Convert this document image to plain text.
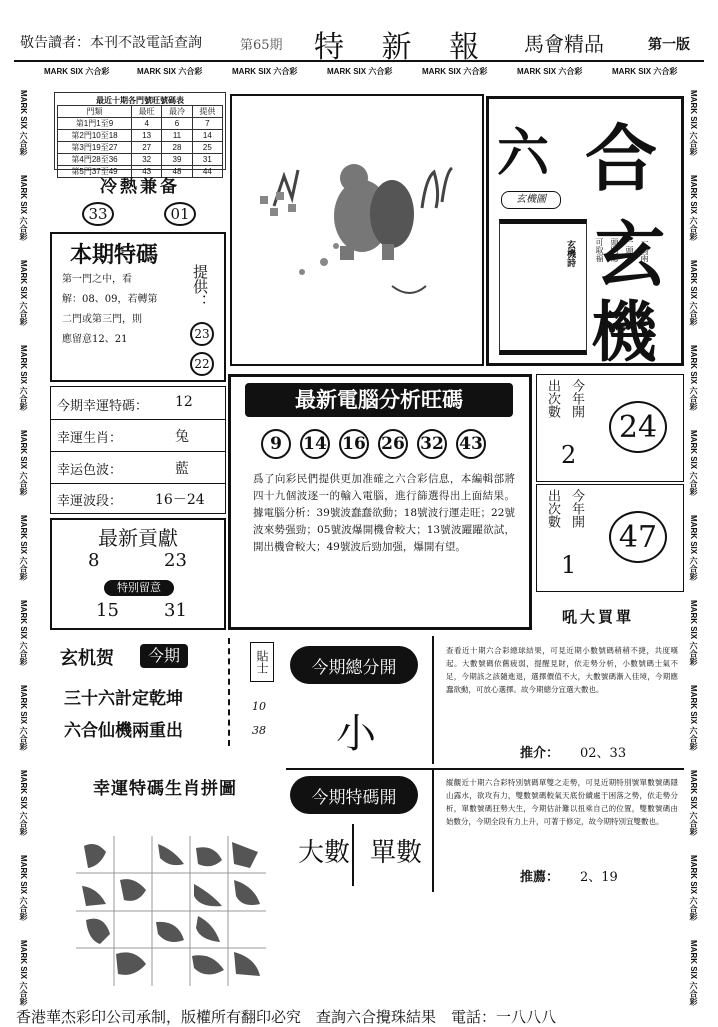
敬告讀者：本刊不設電話查詢	第65期 特 新 報 馬會精品	第一版
MARK SIX 六合彩	MARK SIX 六合彩	MARK SIX 六合彩	MARK SIX 六合彩	MARK SIX 六合彩	MARK SIX 六合彩	MARK SIX 六合彩
MARK SIX 六合彩
MARK SIX 六合彩
MARK SIX 六合彩
MARK SIX 六合彩
MARK SIX 六合彩
MARK SIX 六合彩
MARK SIX 六合彩
MARK SIX 六合彩
MARK SIX 六合彩
MARK SIX 六合彩
MARK SIX 六合彩
MARK SIX 六合彩
MARK SIX 六合彩
MARK SIX 六合彩
MARK SIX 六合彩
MARK SIX 六合彩
MARK SIX 六合彩
MARK SIX 六合彩
MARK SIX 六合彩
MARK SIX 六合彩
MARK SIX 六合彩
MARK SIX 六合彩
最近十期各門號旺號碼表
門類	最旺	最冷	提供
第1門1至9	4	6	7
第2門10至18	13	11	14
第3門19至27	27	28	25
第4門28至36	32	39	31
第5門37至49	43	48	44
冷熱兼备
33	01
本期特碼
第一門之中，看
解：08、09，若轉第
二門或第三門，則
應留意12、21
提供：
23
22
今期幸運特碼： 12
幸運生肖：	兔
幸运色波：	藍
幸運波段： 16－24
最新貢獻
8	23
特别留意
15	31
玄机贺	今期
三十六計定乾坤
六合仙機兩重出
貼士
10
38
幸運特碼生肖拼圖
六 合
玄
機
玄機圖
一碼兩
一頭一
頭門隱
可取福
玄機詩
最新電腦分析旺碼
9 14 16 26 32 43
爲了向彩民們提供更加准確之六合彩信息，本編輯部將四十九個波逐一的輸入電腦，進行篩選得出上面結果。據電腦分析：39號波蠢蠢欲動；18號波行運走旺；22號波來勢强勁；05號波爆開機會較大；13號波躍躍欲試，開出機會較大；49號波后勁加强，爆開有望。
出次數 今年開
2
24
出次數 今年開
1
47
吼大買單
今期總分開
小
查看近十期六合彩總球結果，可見近期小數號碼稍稍不捷，共度嘆起。大數號碼依舊疲弱，提醒見財，依走勢分析，小數號碼士氣不足，今期該之該隨進退，選擇價值不大，大數號碼漸入佳境，今期應蠢欲動，可放心選擇。故今期總分宜選大數也。
推介： 02、33
今期特碼開
大數 單數
縱觀近十期六合彩特別號碼單雙之走勢，可見近期特別號單數號碼隱山露水，欲攻有力，雙數號碼較氣天底份續處于困落之勢，依走勢分析，單數號碼狂勢大生，今期估計難以扭乘自己的位置，雙數號碼由始數分，今期全段有力上升，可著于修定，故今期特別宜雙數也。
推薦： 2、19
香港華杰彩印公司承制，版權所有翻印必究　查詢六合攪珠結果　電話：一八八八
